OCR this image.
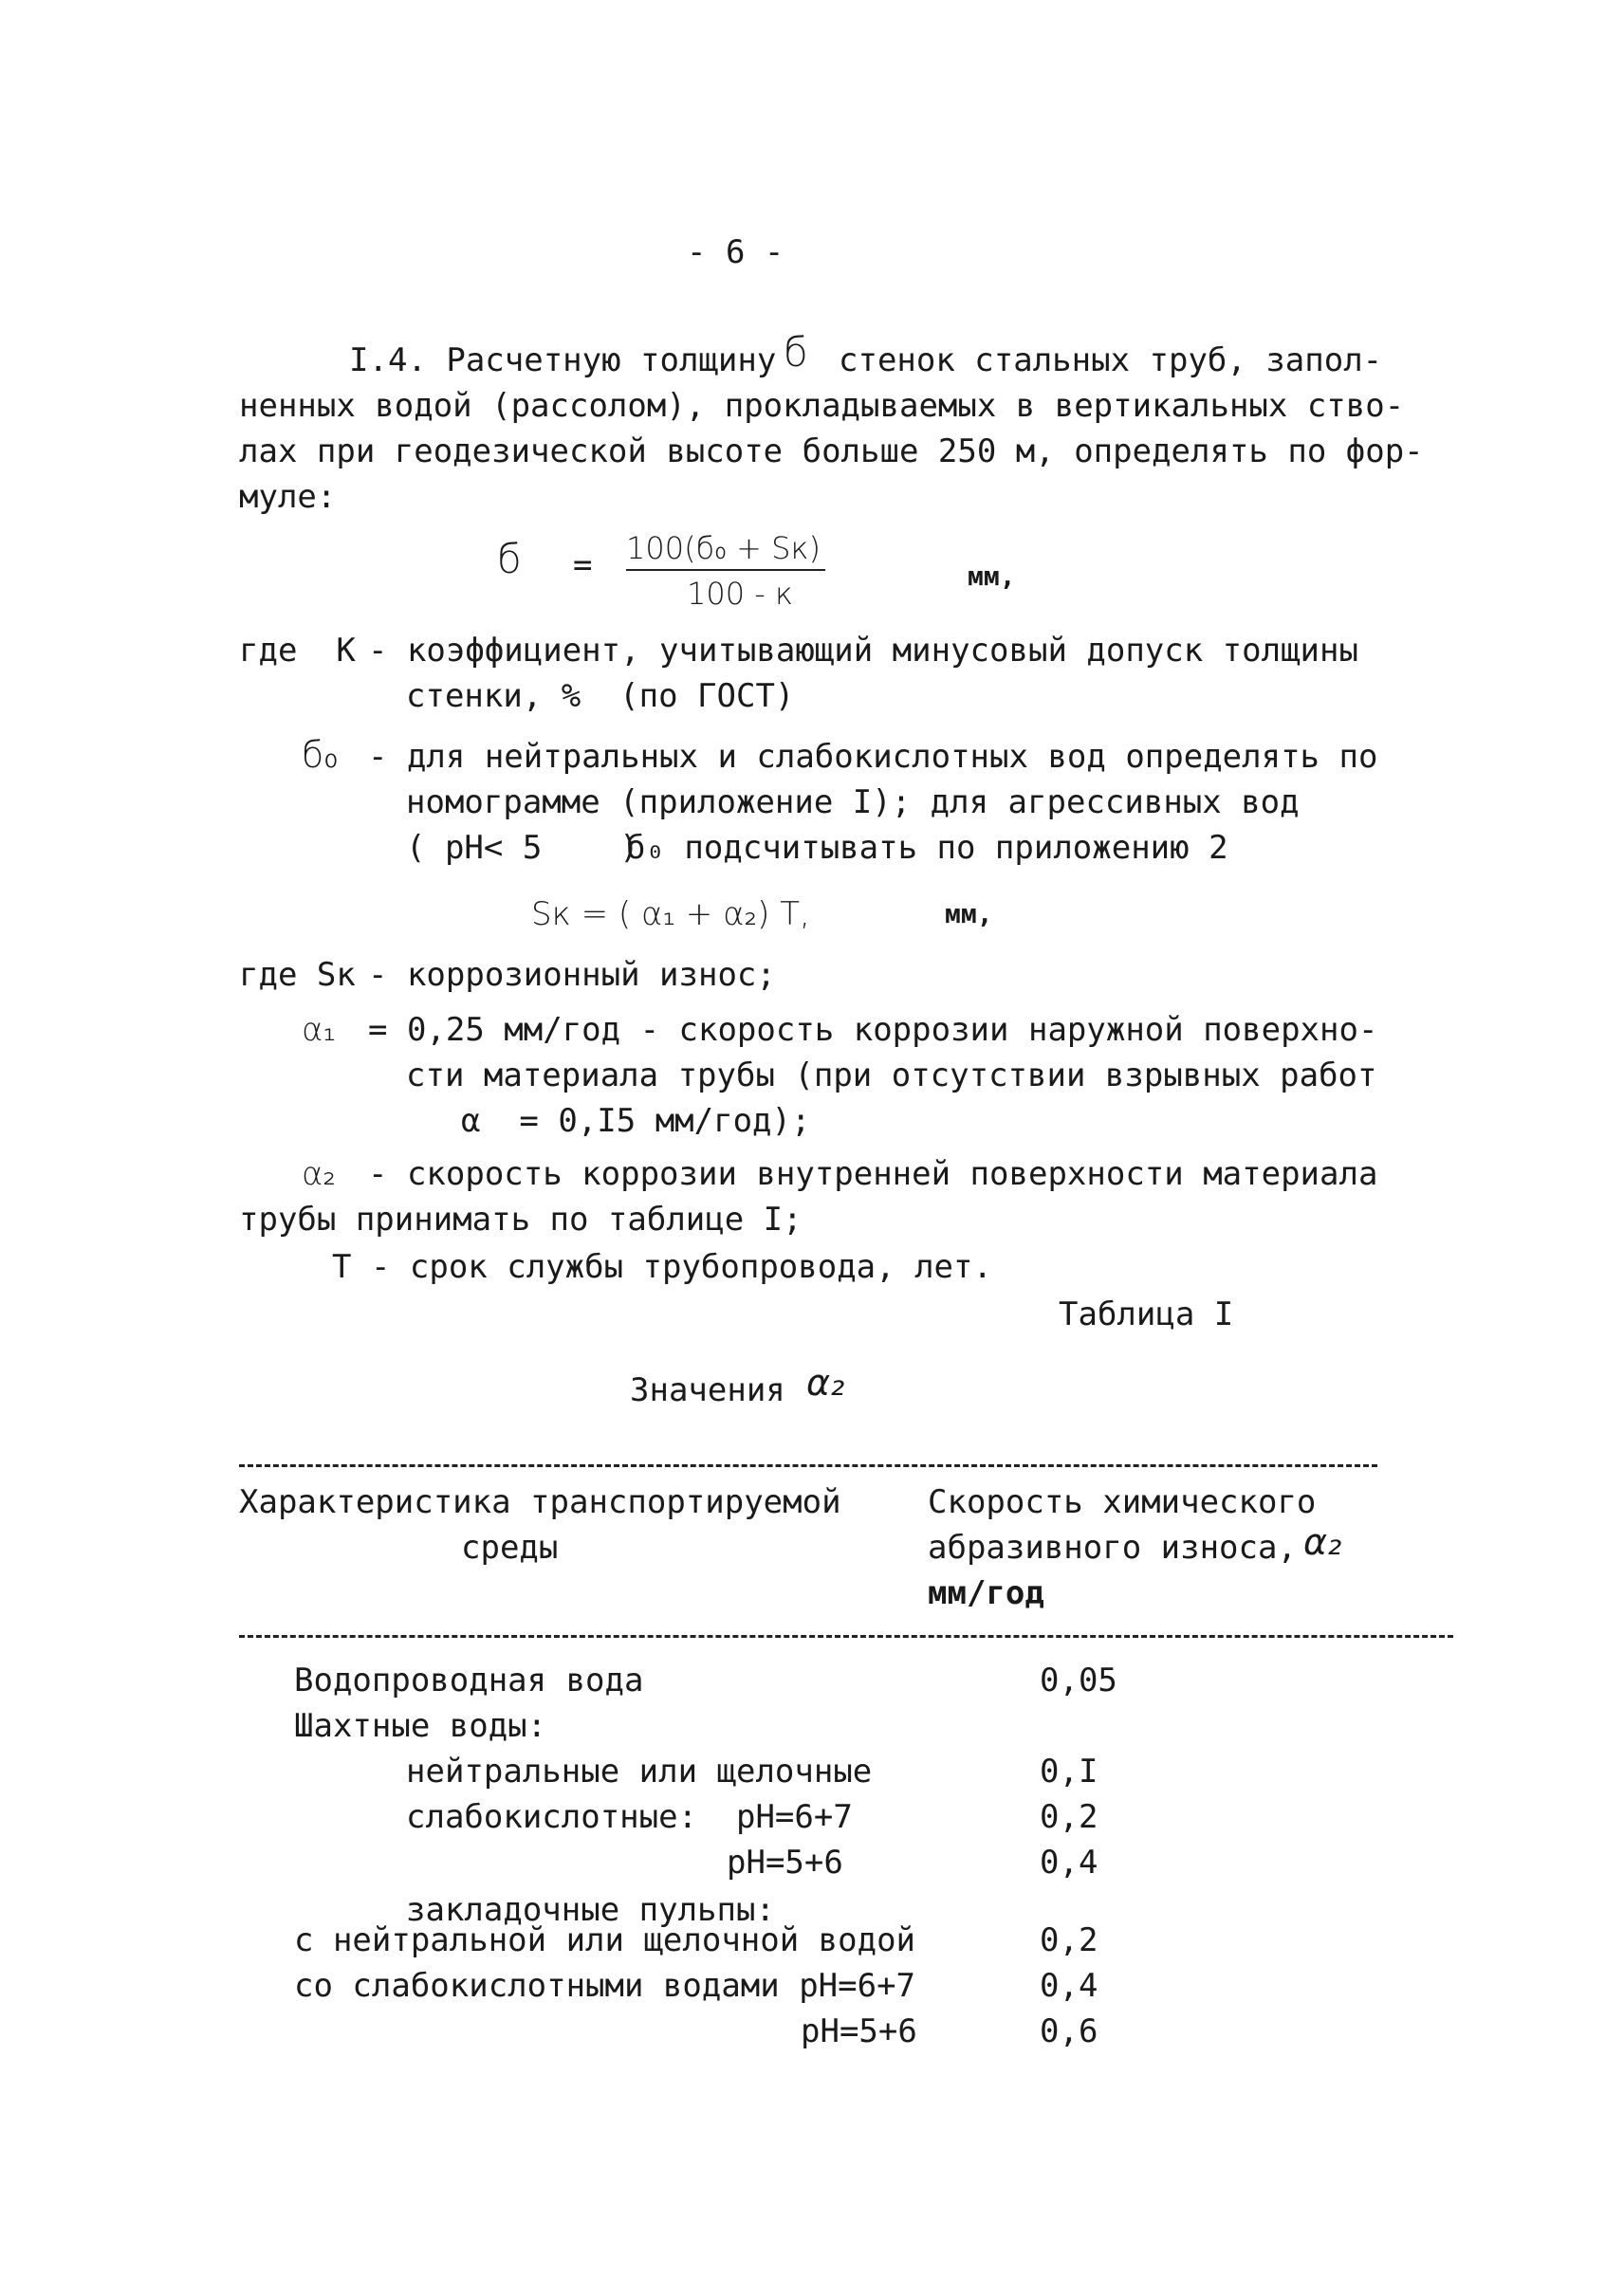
- 6 -
I.4. Расчетную толщину б стенок стальных труб, запол-
ненных водой (рассолом), прокладываемых в вертикальных ство-
лах при геодезической высоте больше 250 м, определять по фор-
муле:
б = 100(б₀ + Sк)
100 - к	мм,
где  К - коэффициент, учитывающий минусовый допуск толщины
стенки, %  (по ГОСТ)
б₀ - для нейтральных и слабокислотных вод определять по
номограмме (приложение I); для агрессивных вод
( рН< 5    )
б₀ подсчитывать по приложению 2
Sк = ( α₁ + α₂) T,	мм,
где Sк - коррозионный износ;
α₁ = 0,25 мм/год - скорость коррозии наружной поверхно-
сти материала трубы (при отсутствии взрывных работ
α  = 0,I5 мм/год);
α₂ - скорость коррозии внутренней поверхности материала
трубы принимать по таблице I;
T - срок службы трубопровода, лет.
Таблица I
Значения α₂
Характеристика транспортируемой
среды
Скорость химического
абразивного износа, α₂
мм/год
Водопроводная вода	0,05
Шахтные воды:
нейтральные или щелочные	0,I
слабокислотные:  рН=6+7	0,2
рН=5+6	0,4
закладочные пульпы:
с нейтральной или щелочной водой	0,2
со слабокислотными водами рН=6+7	0,4
рН=5+6	0,6
